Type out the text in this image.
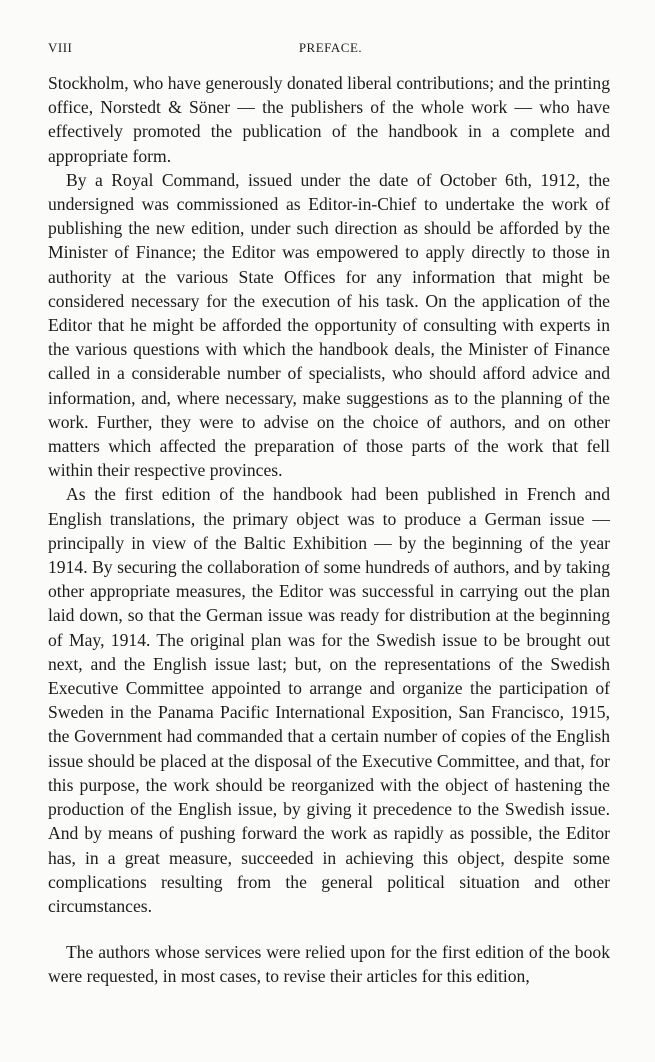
VIII	PREFACE.

Stockholm, who have generously donated liberal contributions; and the printing office, Norstedt & Söner — the publishers of the whole work — who have effectively promoted the publication of the handbook in a complete and appropriate form.

By a Royal Command, issued under the date of October 6th, 1912, the undersigned was commissioned as Editor-in-Chief to undertake the work of publishing the new edition, under such direction as should be afforded by the Minister of Finance; the Editor was empowered to apply directly to those in authority at the various State Offices for any information that might be considered necessary for the execution of his task. On the application of the Editor that he might be afforded the opportunity of consulting with experts in the various questions with which the handbook deals, the Minister of Finance called in a considerable number of specialists, who should afford advice and information, and, where necessary, make suggestions as to the planning of the work. Further, they were to advise on the choice of authors, and on other matters which affected the preparation of those parts of the work that fell within their respective provinces.

As the first edition of the handbook had been published in French and English translations, the primary object was to produce a German issue — principally in view of the Baltic Exhibition — by the beginning of the year 1914. By securing the collaboration of some hundreds of authors, and by taking other appropriate measures, the Editor was successful in carrying out the plan laid down, so that the German issue was ready for distribution at the beginning of May, 1914. The original plan was for the Swedish issue to be brought out next, and the English issue last; but, on the representations of the Swedish Executive Committee appointed to arrange and organize the participation of Sweden in the Panama Pacific International Exposition, San Francisco, 1915, the Government had commanded that a certain number of copies of the English issue should be placed at the disposal of the Executive Committee, and that, for this purpose, the work should be reorganized with the object of hastening the production of the English issue, by giving it precedence to the Swedish issue. And by means of pushing forward the work as rapidly as possible, the Editor has, in a great measure, succeeded in achieving this object, despite some complications resulting from the general political situation and other circumstances.

The authors whose services were relied upon for the first edition of the book were requested, in most cases, to revise their articles for this edition,
